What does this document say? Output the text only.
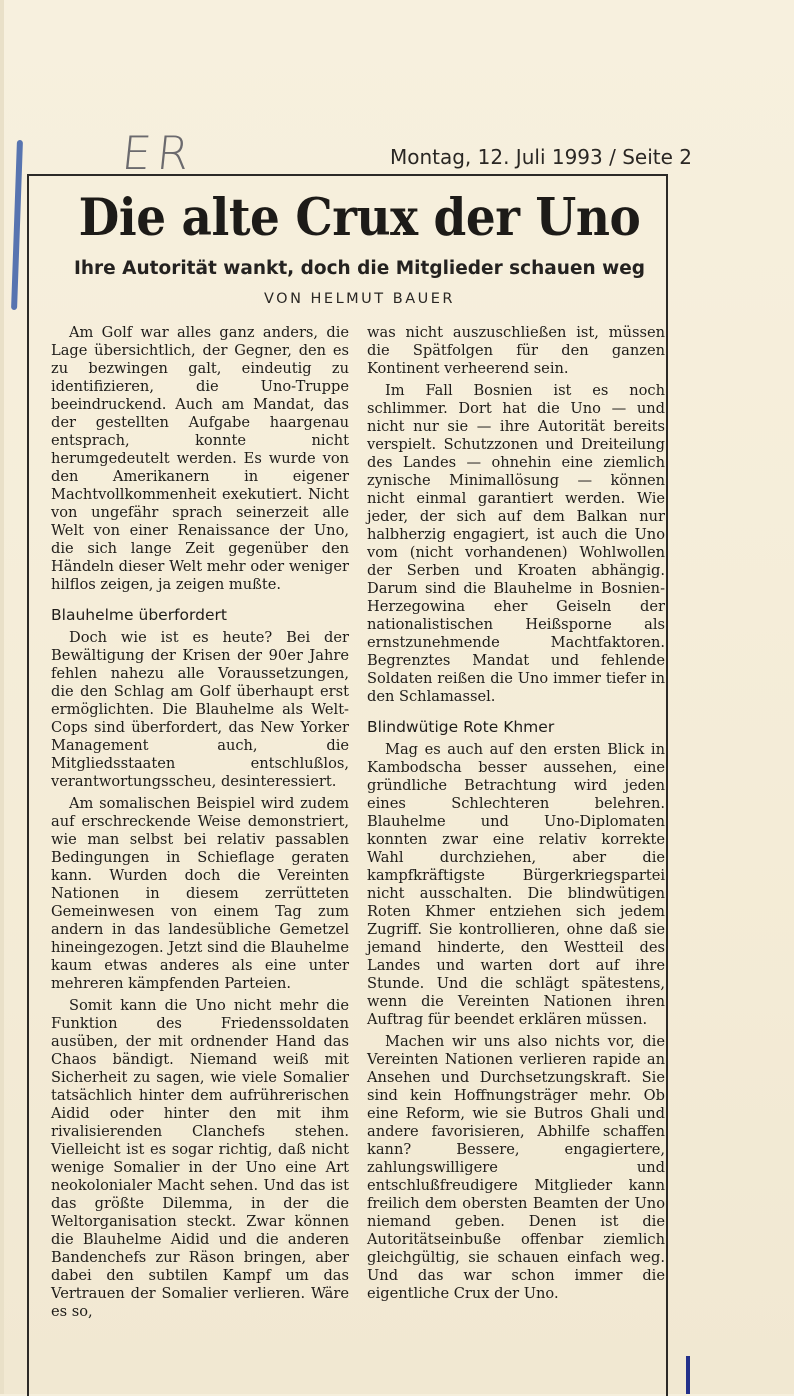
ER	Montag, 12. Juli 1993 / Seite 2
Die alte Crux der Uno
Ihre Autorität wankt, doch die Mitglieder schauen weg
VON HELMUT BAUER

Am Golf war alles ganz anders, die Lage übersichtlich, der Gegner, den es zu bezwingen galt, eindeutig zu identifizieren, die Uno-Truppe beeindruckend. Auch am Mandat, das der gestellten Aufgabe haargenau entsprach, konnte nicht herumgedeutelt werden. Es wurde von den Amerikanern in eigener Machtvollkommenheit exekutiert. Nicht von ungefähr sprach seinerzeit alle Welt von einer Renaissance der Uno, die sich lange Zeit gegenüber den Händeln dieser Welt mehr oder weniger hilflos zeigen, ja zeigen mußte.

Blauhelme überfordert

Doch wie ist es heute? Bei der Bewältigung der Krisen der 90er Jahre fehlen nahezu alle Voraussetzungen, die den Schlag am Golf überhaupt erst ermöglichten. Die Blauhelme als Welt-Cops sind überfordert, das New Yorker Management auch, die Mitgliedsstaaten entschlußlos, verantwortungsscheu, desinteressiert.

Am somalischen Beispiel wird zudem auf erschreckende Weise demonstriert, wie man selbst bei relativ passablen Bedingungen in Schieflage geraten kann. Wurden doch die Vereinten Nationen in diesem zerrütteten Gemeinwesen von einem Tag zum andern in das landesübliche Gemetzel hineingezogen. Jetzt sind die Blauhelme kaum etwas anderes als eine unter mehreren kämpfenden Parteien.

Somit kann die Uno nicht mehr die Funktion des Friedenssoldaten ausüben, der mit ordnender Hand das Chaos bändigt. Niemand weiß mit Sicherheit zu sagen, wie viele Somalier tatsächlich hinter dem aufrührerischen Aidid oder hinter den mit ihm rivalisierenden Clanchefs stehen. Vielleicht ist es sogar richtig, daß nicht wenige Somalier in der Uno eine Art neokolonialer Macht sehen. Und das ist das größte Dilemma, in der die Weltorganisation steckt. Zwar können die Blauhelme Aidid und die anderen Bandenchefs zur Räson bringen, aber dabei den subtilen Kampf um das Vertrauen der Somalier verlieren. Wäre es so,

was nicht auszuschließen ist, müssen die Spätfolgen für den ganzen Kontinent verheerend sein.

Im Fall Bosnien ist es noch schlimmer. Dort hat die Uno — und nicht nur sie — ihre Autorität bereits verspielt. Schutzzonen und Dreiteilung des Landes — ohnehin eine ziemlich zynische Minimallösung — können nicht einmal garantiert werden. Wie jeder, der sich auf dem Balkan nur halbherzig engagiert, ist auch die Uno vom (nicht vorhandenen) Wohlwollen der Serben und Kroaten abhängig. Darum sind die Blauhelme in Bosnien-Herzegowina eher Geiseln der nationalistischen Heißsporne als ernstzunehmende Machtfaktoren. Begrenztes Mandat und fehlende Soldaten reißen die Uno immer tiefer in den Schlamassel.

Blindwütige Rote Khmer

Mag es auch auf den ersten Blick in Kambodscha besser aussehen, eine gründliche Betrachtung wird jeden eines Schlechteren belehren. Blauhelme und Uno-Diplomaten konnten zwar eine relativ korrekte Wahl durchziehen, aber die kampfkräftigste Bürgerkriegspartei nicht ausschalten. Die blindwütigen Roten Khmer entziehen sich jedem Zugriff. Sie kontrollieren, ohne daß sie jemand hinderte, den Westteil des Landes und warten dort auf ihre Stunde. Und die schlägt spätestens, wenn die Vereinten Nationen ihren Auftrag für beendet erklären müssen.

Machen wir uns also nichts vor, die Vereinten Nationen verlieren rapide an Ansehen und Durchsetzungskraft. Sie sind kein Hoffnungsträger mehr. Ob eine Reform, wie sie Butros Ghali und andere favorisieren, Abhilfe schaffen kann? Bessere, engagiertere, zahlungswilligere und entschlußfreudigere Mitglieder kann freilich dem obersten Beamten der Uno niemand geben. Denen ist die Autoritätseinbuße offenbar ziemlich gleichgültig, sie schauen einfach weg. Und das war schon immer die eigentliche Crux der Uno.
